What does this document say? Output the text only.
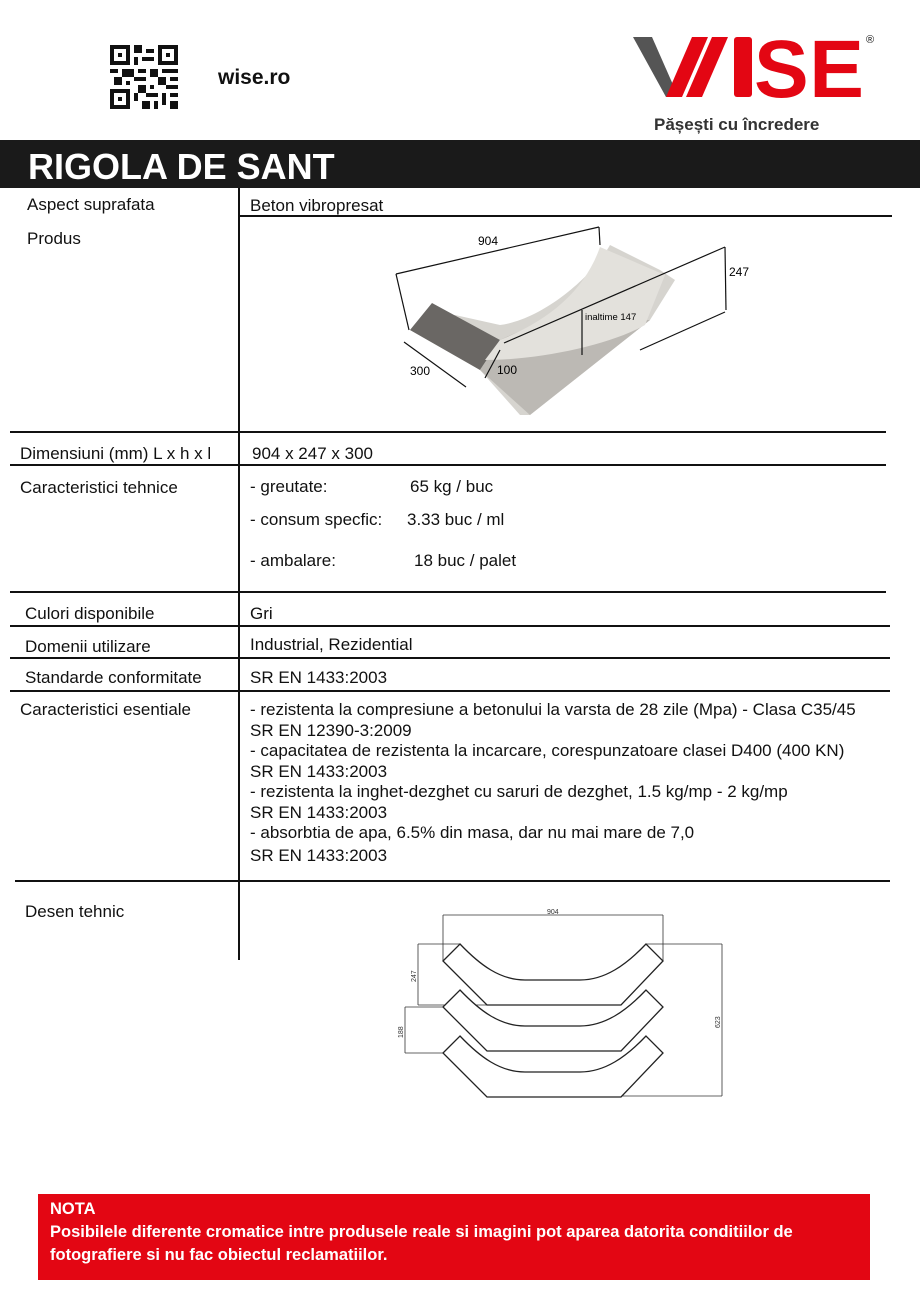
wise.ro	SE ®
Pășești cu încredere
RIGOLA DE SANT
Aspect suprafata	Beton vibropresat
Produs	904
247
inaltime 147
300	100
Dimensiuni (mm) L x h x l 904 x 247 x 300
Caracteristici tehnice	- greutate:	65 kg / buc
- consum specfic: 3.33 buc / ml
- ambalare:	18 buc / palet
Culori disponibile	Gri
Domenii utilizare	Industrial, Rezidential
Standarde conformitate	SR EN 1433:2003
Caracteristici esentiale	- rezistenta la compresiune a betonului la varsta de 28 zile (Mpa) - Clasa C35/45
SR EN 12390-3:2009
- capacitatea de rezistenta la incarcare, corespunzatoare clasei D400 (400 KN)
SR EN 1433:2003
- rezistenta la inghet-dezghet cu saruri de dezghet, 1.5 kg/mp - 2 kg/mp
SR EN 1433:2003
- absorbtia de apa, 6.5% din masa, dar nu mai mare de 7,0
SR EN 1433:2003
Desen tehnic	904
247
188
623
NOTA
Posibilele diferente cromatice intre produsele reale si imagini pot aparea datorita conditiilor de fotografiere si nu fac obiectul reclamatiilor.
